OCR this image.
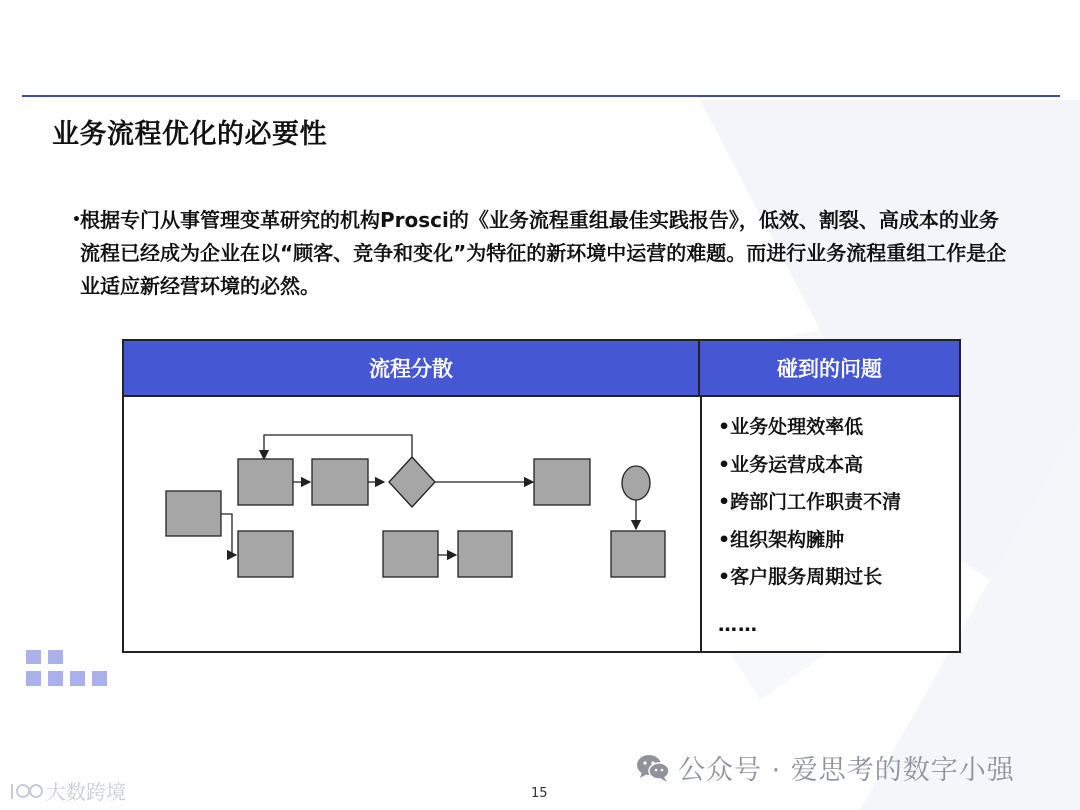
业务流程优化的必要性
• 根据专门从事管理变革研究的机构Prosci的《业务流程重组最佳实践报告》，低效、割裂、高成本的业务流程已经成为企业在以“顾客、竞争和变化”为特征的新环境中运营的难题。而进行业务流程重组工作是企业适应新经营环境的必然。

流程分散	碰到的问题
•业务处理效率低
•业务运营成本高
•跨部门工作职责不清
•组织架构臃肿
•客户服务周期过长
……
大数跨境
公众号 · 爱思考的数字小强
15
